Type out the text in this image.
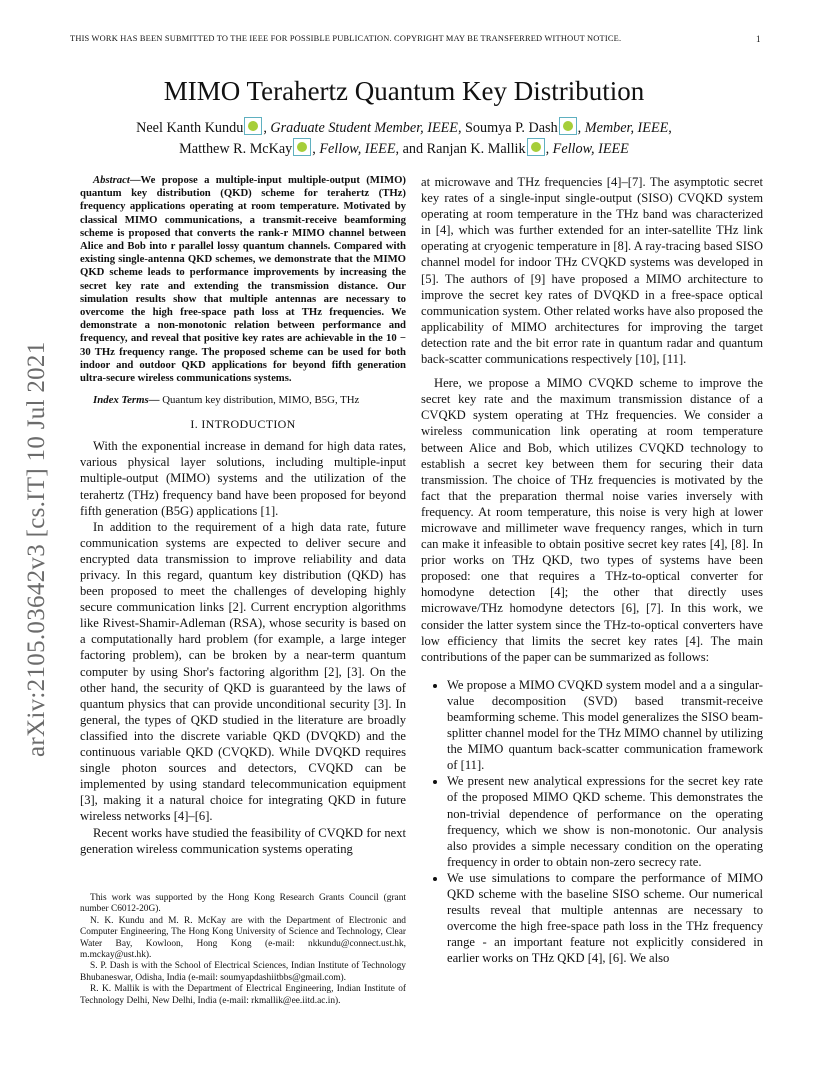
THIS WORK HAS BEEN SUBMITTED TO THE IEEE FOR POSSIBLE PUBLICATION. COPYRIGHT MAY BE TRANSFERRED WITHOUT NOTICE.	1
arXiv:2105.03642v3 [cs.IT] 10 Jul 2021
MIMO Terahertz Quantum Key Distribution
Neel Kanth Kundu , Graduate Student Member, IEEE, Soumya P. Dash , Member, IEEE,
Matthew R. McKay , Fellow, IEEE, and Ranjan K. Mallik , Fellow, IEEE
Abstract—We propose a multiple-input multiple-output (MIMO) quantum key distribution (QKD) scheme for terahertz (THz) frequency applications operating at room temperature. Motivated by classical MIMO communications, a transmit-receive beamforming scheme is proposed that converts the rank-r MIMO channel between Alice and Bob into r parallel lossy quantum channels. Compared with existing single-antenna QKD schemes, we demonstrate that the MIMO QKD scheme leads to performance improvements by increasing the secret key rate and extending the transmission distance. Our simulation results show that multiple antennas are necessary to overcome the high free-space path loss at THz frequencies. We demonstrate a non-monotonic relation between performance and frequency, and reveal that positive key rates are achievable in the 10 − 30 THz frequency range. The proposed scheme can be used for both indoor and outdoor QKD applications for beyond fifth generation ultra-secure wireless communications systems.
Index Terms— Quantum key distribution, MIMO, B5G, THz
I. INTRODUCTION

With the exponential increase in demand for high data rates, various physical layer solutions, including multiple-input multiple-output (MIMO) systems and the utilization of the terahertz (THz) frequency band have been proposed for beyond fifth generation (B5G) applications [1].

In addition to the requirement of a high data rate, future communication systems are expected to deliver secure and encrypted data transmission to improve reliability and data privacy. In this regard, quantum key distribution (QKD) has been proposed to meet the challenges of developing highly secure communication links [2]. Current encryption algorithms like Rivest-Shamir-Adleman (RSA), whose security is based on a computationally hard problem (for example, a large integer factoring problem), can be broken by a near-term quantum computer by using Shor's factoring algorithm [2], [3]. On the other hand, the security of QKD is guaranteed by the laws of quantum physics that can provide unconditional security [3]. In general, the types of QKD studied in the literature are broadly classified into the discrete variable QKD (DVQKD) and the continuous variable QKD (CVQKD). While DVQKD requires single photon sources and detectors, CVQKD can be implemented by using standard telecommunication equipment [3], making it a natural choice for integrating QKD in future wireless networks [4]–[6].

Recent works have studied the feasibility of CVQKD for next generation wireless communication systems operating

This work was supported by the Hong Kong Research Grants Council (grant number C6012-20G).
N. K. Kundu and M. R. McKay are with the Department of Electronic and Computer Engineering, The Hong Kong University of Science and Technology, Clear Water Bay, Kowloon, Hong Kong (e-mail: nkkundu@connect.ust.hk, m.mckay@ust.hk).
S. P. Dash is with the School of Electrical Sciences, Indian Institute of Technology Bhubaneswar, Odisha, India (e-mail: soumyapdashiitbbs@gmail.com).
R. K. Mallik is with the Department of Electrical Engineering, Indian Institute of Technology Delhi, New Delhi, India (e-mail: rkmallik@ee.iitd.ac.in).

at microwave and THz frequencies [4]–[7]. The asymptotic secret key rates of a single-input single-output (SISO) CVQKD system operating at room temperature in the THz band was characterized in [4], which was further extended for an inter-satellite THz link operating at cryogenic temperature in [8]. A ray-tracing based SISO channel model for indoor THz CVQKD systems was developed in [5]. The authors of [9] have proposed a MIMO architecture to improve the secret key rates of DVQKD in a free-space optical communication system. Other related works have also proposed the applicability of MIMO architectures for improving the target detection rate and the bit error rate in quantum radar and quantum back-scatter communications respectively [10], [11].

Here, we propose a MIMO CVQKD scheme to improve the secret key rate and the maximum transmission distance of a CVQKD system operating at THz frequencies. We consider a wireless communication link operating at room temperature between Alice and Bob, which utilizes CVQKD technology to establish a secret key between them for securing their data transmission. The choice of THz frequencies is motivated by the fact that the preparation thermal noise varies inversely with frequency. At room temperature, this noise is very high at lower microwave and millimeter wave frequency ranges, which in turn can make it infeasible to obtain positive secret key rates [4], [8]. In prior works on THz QKD, two types of systems have been proposed: one that requires a THz-to-optical converter for homodyne detection [4]; the other that directly uses microwave/THz homodyne detectors [6], [7]. In this work, we consider the latter system since the THz-to-optical converters have low efficiency that limits the secret key rates [4]. The main contributions of the paper can be summarized as follows:

• We propose a MIMO CVQKD system model and a a singular-value decomposition (SVD) based transmit-receive beamforming scheme. This model generalizes the SISO beam-splitter channel model for the THz MIMO channel by utilizing the MIMO quantum back-scatter communication framework of [11].
• We present new analytical expressions for the secret key rate of the proposed MIMO QKD scheme. This demonstrates the non-trivial dependence of performance on the operating frequency, which we show is non-monotonic. Our analysis also provides a simple necessary condition on the operating frequency in order to obtain non-zero secrecy rate.
• We use simulations to compare the performance of MIMO QKD scheme with the baseline SISO scheme. Our numerical results reveal that multiple antennas are necessary to overcome the high free-space path loss in the THz frequency range - an important feature not explicitly considered in earlier works on THz QKD [4], [6]. We also
